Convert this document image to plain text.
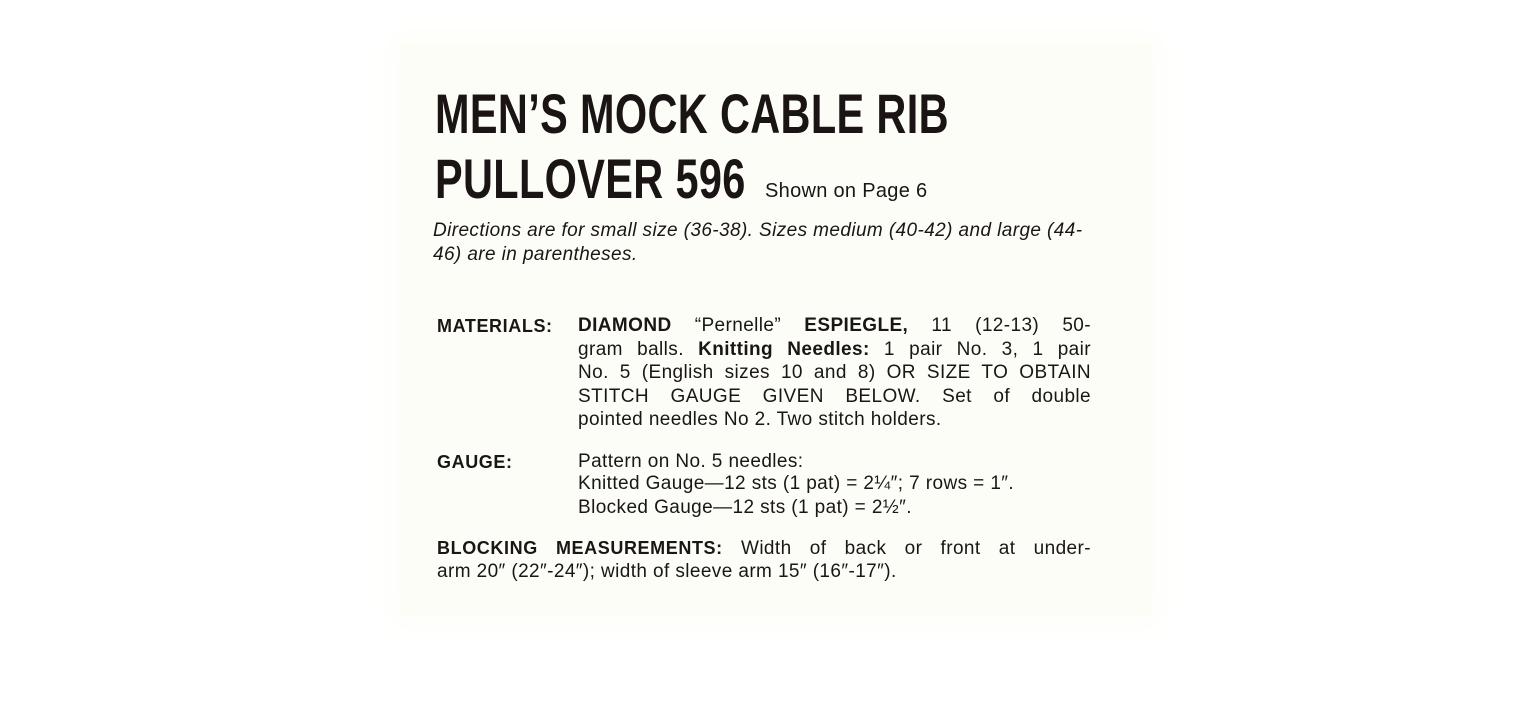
MEN’S MOCK CABLE RIB
PULLOVER 596 Shown on Page 6

Directions are for small size (36-38). Sizes medium (40-42) and large (44-46) are in parentheses.

MATERIALS: DIAMOND “Pernelle” ESPIEGLE, 11 (12-13) 50-
gram balls. Knitting Needles: 1 pair No. 3, 1 pair
No. 5 (English sizes 10 and 8) OR SIZE TO OBTAIN
STITCH GAUGE GIVEN BELOW. Set of double
pointed needles No 2. Two stitch holders.
GAUGE:	Pattern on No. 5 needles:
Knitted Gauge—12 sts (1 pat) = 2¼″; 7 rows = 1″.
Blocked Gauge—12 sts (1 pat) = 2½″.
BLOCKING MEASUREMENTS: Width of back or front at under-
arm 20″ (22″-24″); width of sleeve arm 15″ (16″-17″).
